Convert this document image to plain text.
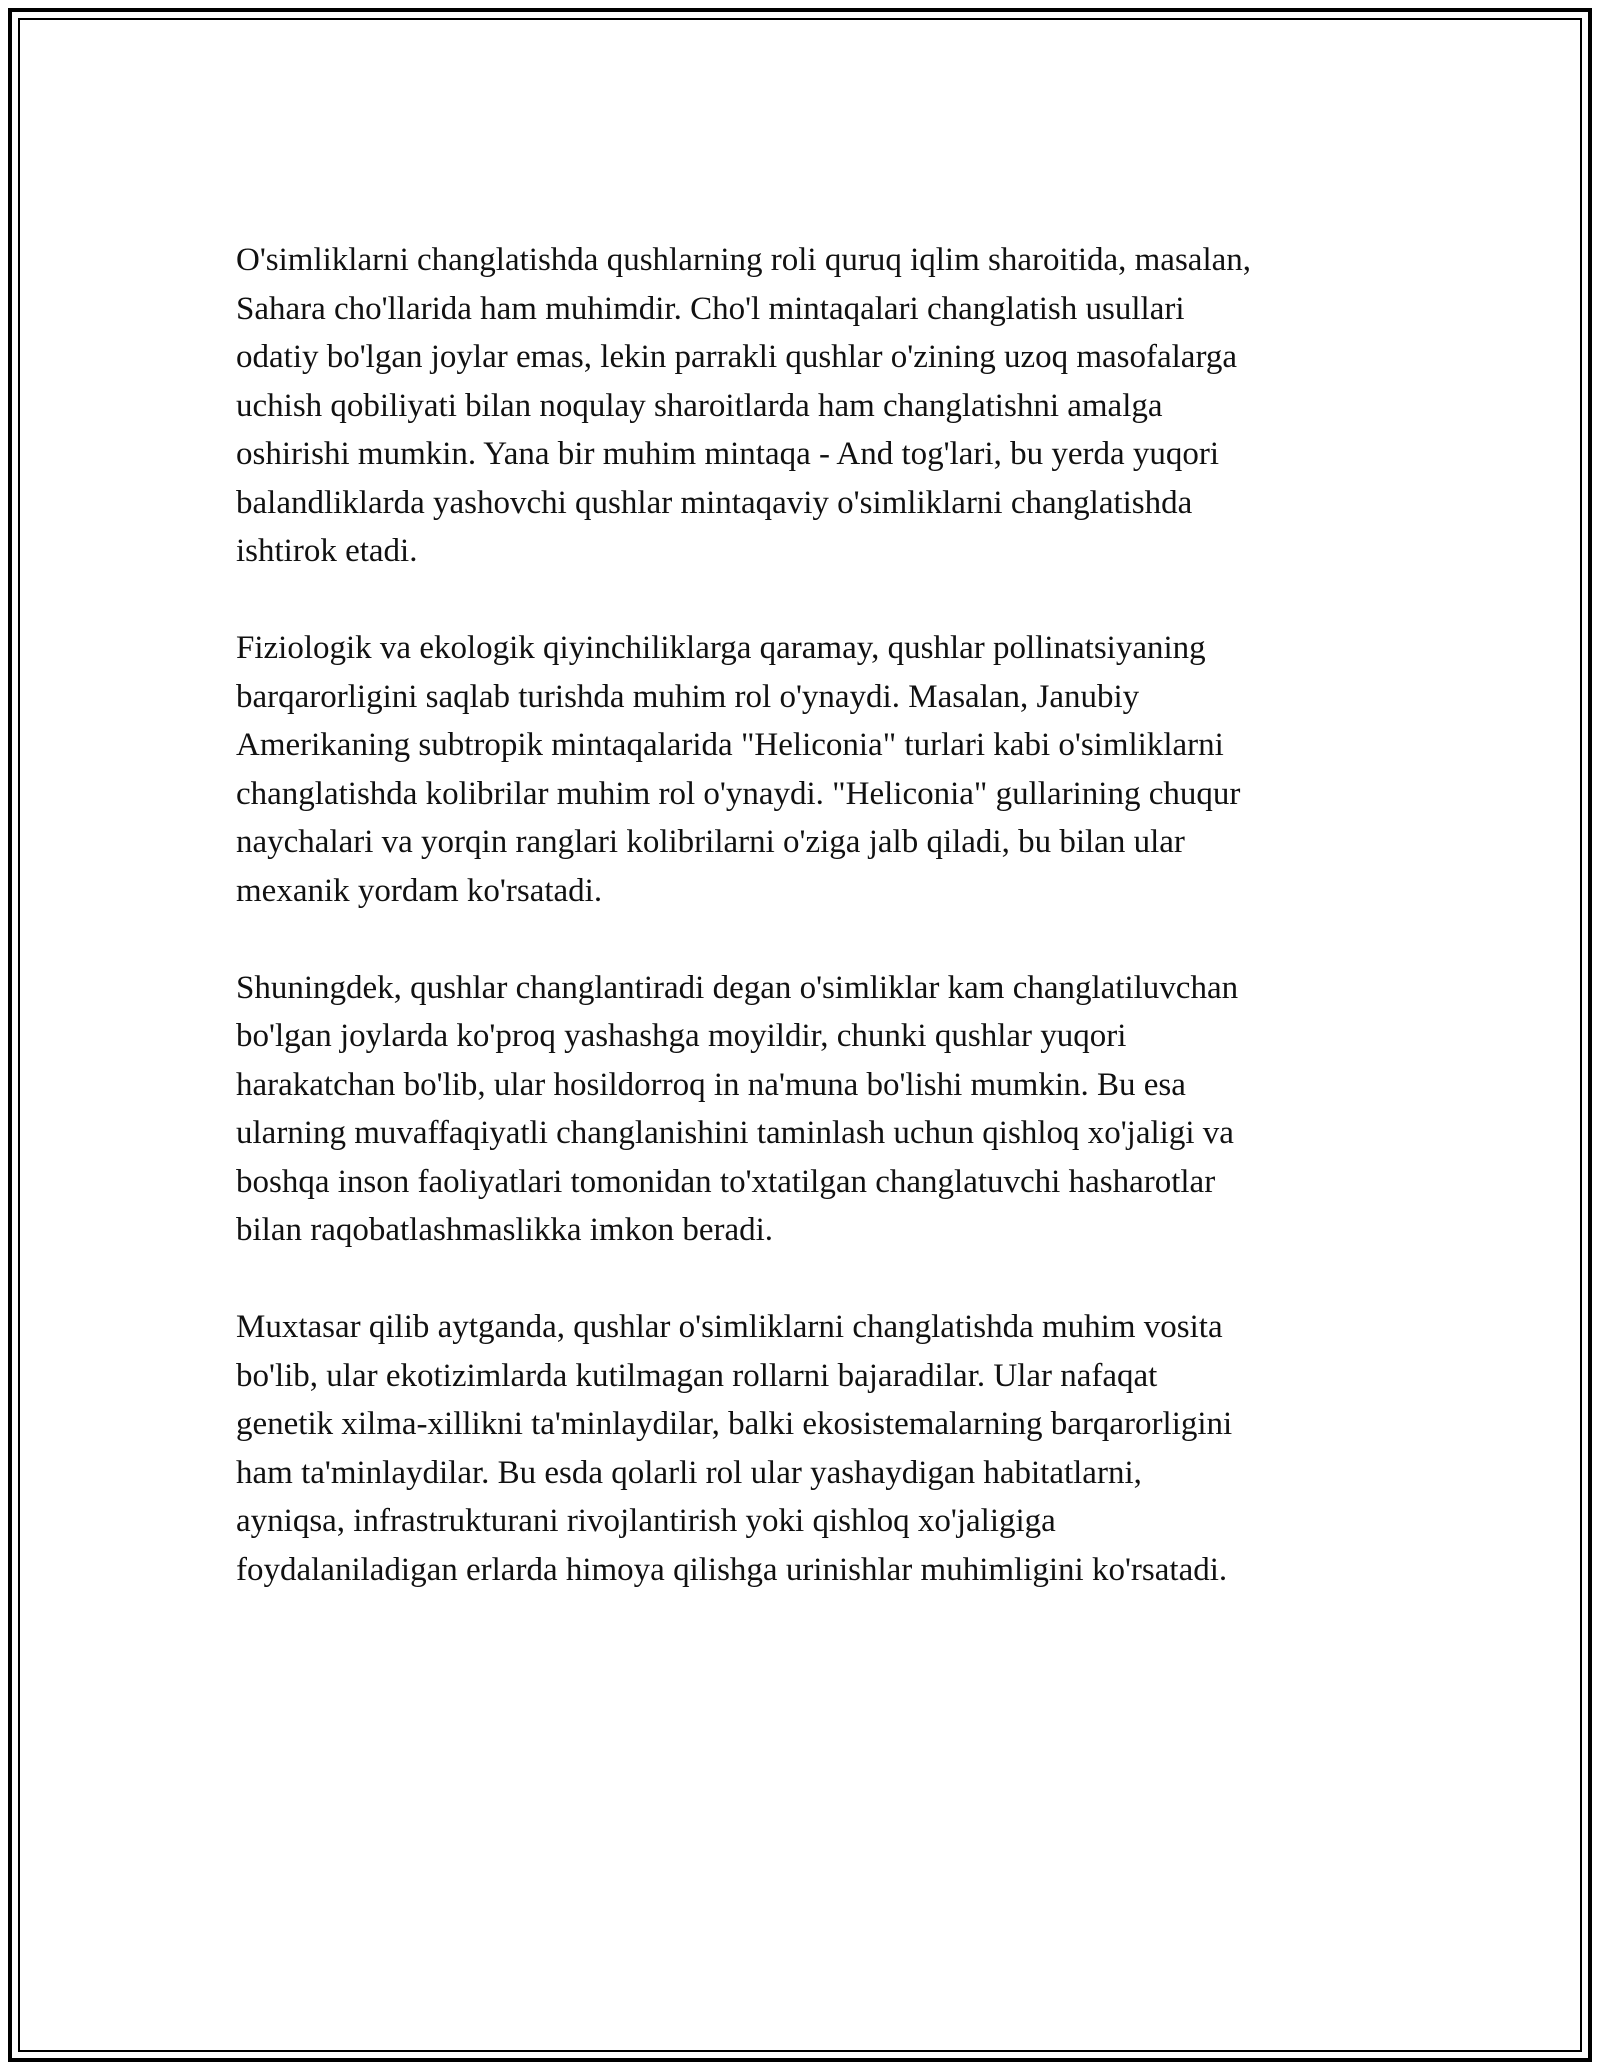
O'simliklarni changlatishda qushlarning roli quruq iqlim sharoitida, masalan,
Sahara cho'llarida ham muhimdir. Cho'l mintaqalari changlatish usullari
odatiy bo'lgan joylar emas, lekin parrakli qushlar o'zining uzoq masofalarga
uchish qobiliyati bilan noqulay sharoitlarda ham changlatishni amalga
oshirishi mumkin. Yana bir muhim mintaqa - And tog'lari, bu yerda yuqori
balandliklarda yashovchi qushlar mintaqaviy o'simliklarni changlatishda
ishtirok etadi.

Fiziologik va ekologik qiyinchiliklarga qaramay, qushlar pollinatsiyaning
barqarorligini saqlab turishda muhim rol o'ynaydi. Masalan, Janubiy
Amerikaning subtropik mintaqalarida "Heliconia" turlari kabi o'simliklarni
changlatishda kolibrilar muhim rol o'ynaydi. "Heliconia" gullarining chuqur
naychalari va yorqin ranglari kolibrilarni o'ziga jalb qiladi, bu bilan ular
mexanik yordam ko'rsatadi.

Shuningdek, qushlar changlantiradi degan o'simliklar kam changlatiluvchan
bo'lgan joylarda ko'proq yashashga moyildir, chunki qushlar yuqori
harakatchan bo'lib, ular hosildorroq in na'muna bo'lishi mumkin. Bu esa
ularning muvaffaqiyatli changlanishini taminlash uchun qishloq xo'jaligi va
boshqa inson faoliyatlari tomonidan to'xtatilgan changlatuvchi hasharotlar
bilan raqobatlashmaslikka imkon beradi.

Muxtasar qilib aytganda, qushlar o'simliklarni changlatishda muhim vosita
bo'lib, ular ekotizimlarda kutilmagan rollarni bajaradilar. Ular nafaqat
genetik xilma-xillikni ta'minlaydilar, balki ekosistemalarning barqarorligini
ham ta'minlaydilar. Bu esda qolarli rol ular yashaydigan habitatlarni,
ayniqsa, infrastrukturani rivojlantirish yoki qishloq xo'jaligiga
foydalaniladigan erlarda himoya qilishga urinishlar muhimligini ko'rsatadi.
